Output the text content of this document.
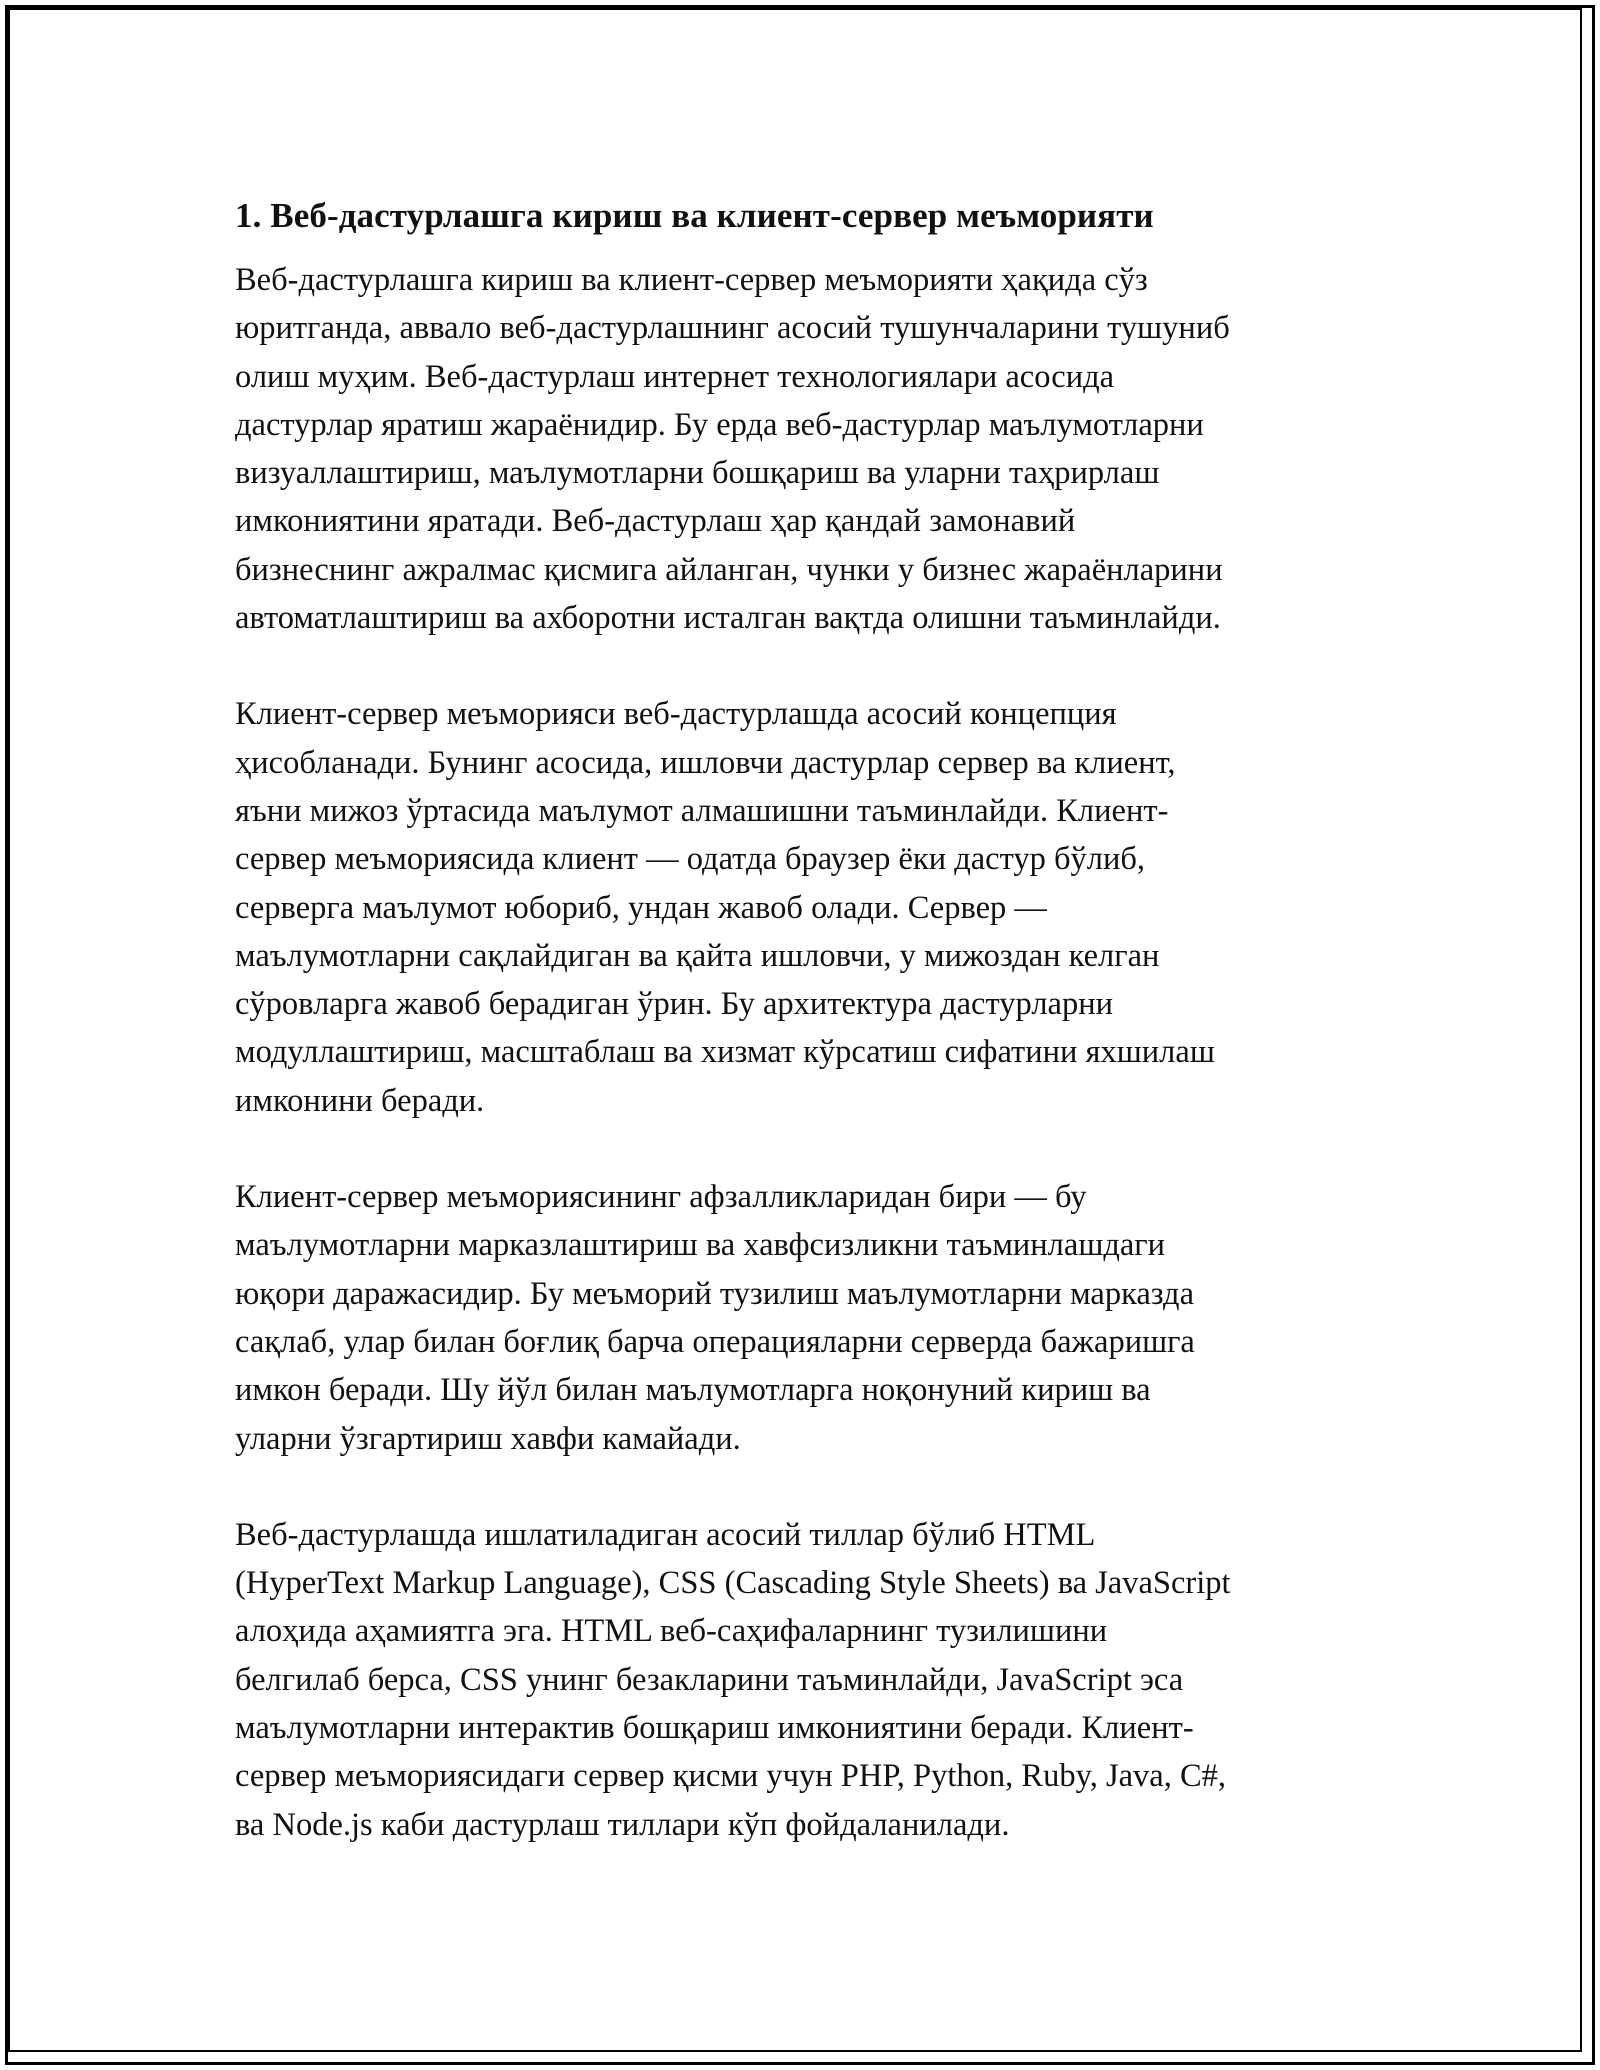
1. Веб-дастурлашга кириш ва клиент-сервер меъморияти

Веб-дастурлашга кириш ва клиент-сервер меъморияти ҳақида сўз
юритганда, аввало веб-дастурлашнинг асосий тушунчаларини тушуниб
олиш муҳим. Веб-дастурлаш интернет технологиялари асосида
дастурлар яратиш жараёнидир. Бу ерда веб-дастурлар маълумотларни
визуаллаштириш, маълумотларни бошқариш ва уларни таҳрирлаш
имкониятини яратади. Веб-дастурлаш ҳар қандай замонавий
бизнеснинг ажралмас қисмига айланган, чунки у бизнес жараёнларини
автоматлаштириш ва ахборотни исталган вақтда олишни таъминлайди.

Клиент-сервер меъморияси веб-дастурлашда асосий концепция
ҳисобланади. Бунинг асосида, ишловчи дастурлар сервер ва клиент,
яъни мижоз ўртасида маълумот алмашишни таъминлайди. Клиент-
сервер меъмориясида клиент — одатда браузер ёки дастур бўлиб,
серверга маълумот юбориб, ундан жавоб олади. Сервер —
маълумотларни сақлайдиган ва қайта ишловчи, у мижоздан келган
сўровларга жавоб берадиган ўрин. Бу архитектура дастурларни
модуллаштириш, масштаблаш ва хизмат кўрсатиш сифатини яхшилаш
имконини беради.

Клиент-сервер меъмориясининг афзалликларидан бири — бу
маълумотларни марказлаштириш ва хавфсизликни таъминлашдаги
юқори даражасидир. Бу меъморий тузилиш маълумотларни марказда
сақлаб, улар билан боғлиқ барча операцияларни серверда бажаришга
имкон беради. Шу йўл билан маълумотларга ноқонуний кириш ва
уларни ўзгартириш хавфи камайади.

Веб-дастурлашда ишлатиладиган асосий тиллар бўлиб HTML
(HyperText Markup Language), CSS (Cascading Style Sheets) ва JavaScript
алоҳида аҳамиятга эга. HTML веб-саҳифаларнинг тузилишини
белгилаб берса, CSS унинг безакларини таъминлайди, JavaScript эса
маълумотларни интерактив бошқариш имкониятини беради. Клиент-
сервер меъмориясидаги сервер қисми учун PHP, Python, Ruby, Java, C#,
ва Node.js каби дастурлаш тиллари кўп фойдаланилади.
